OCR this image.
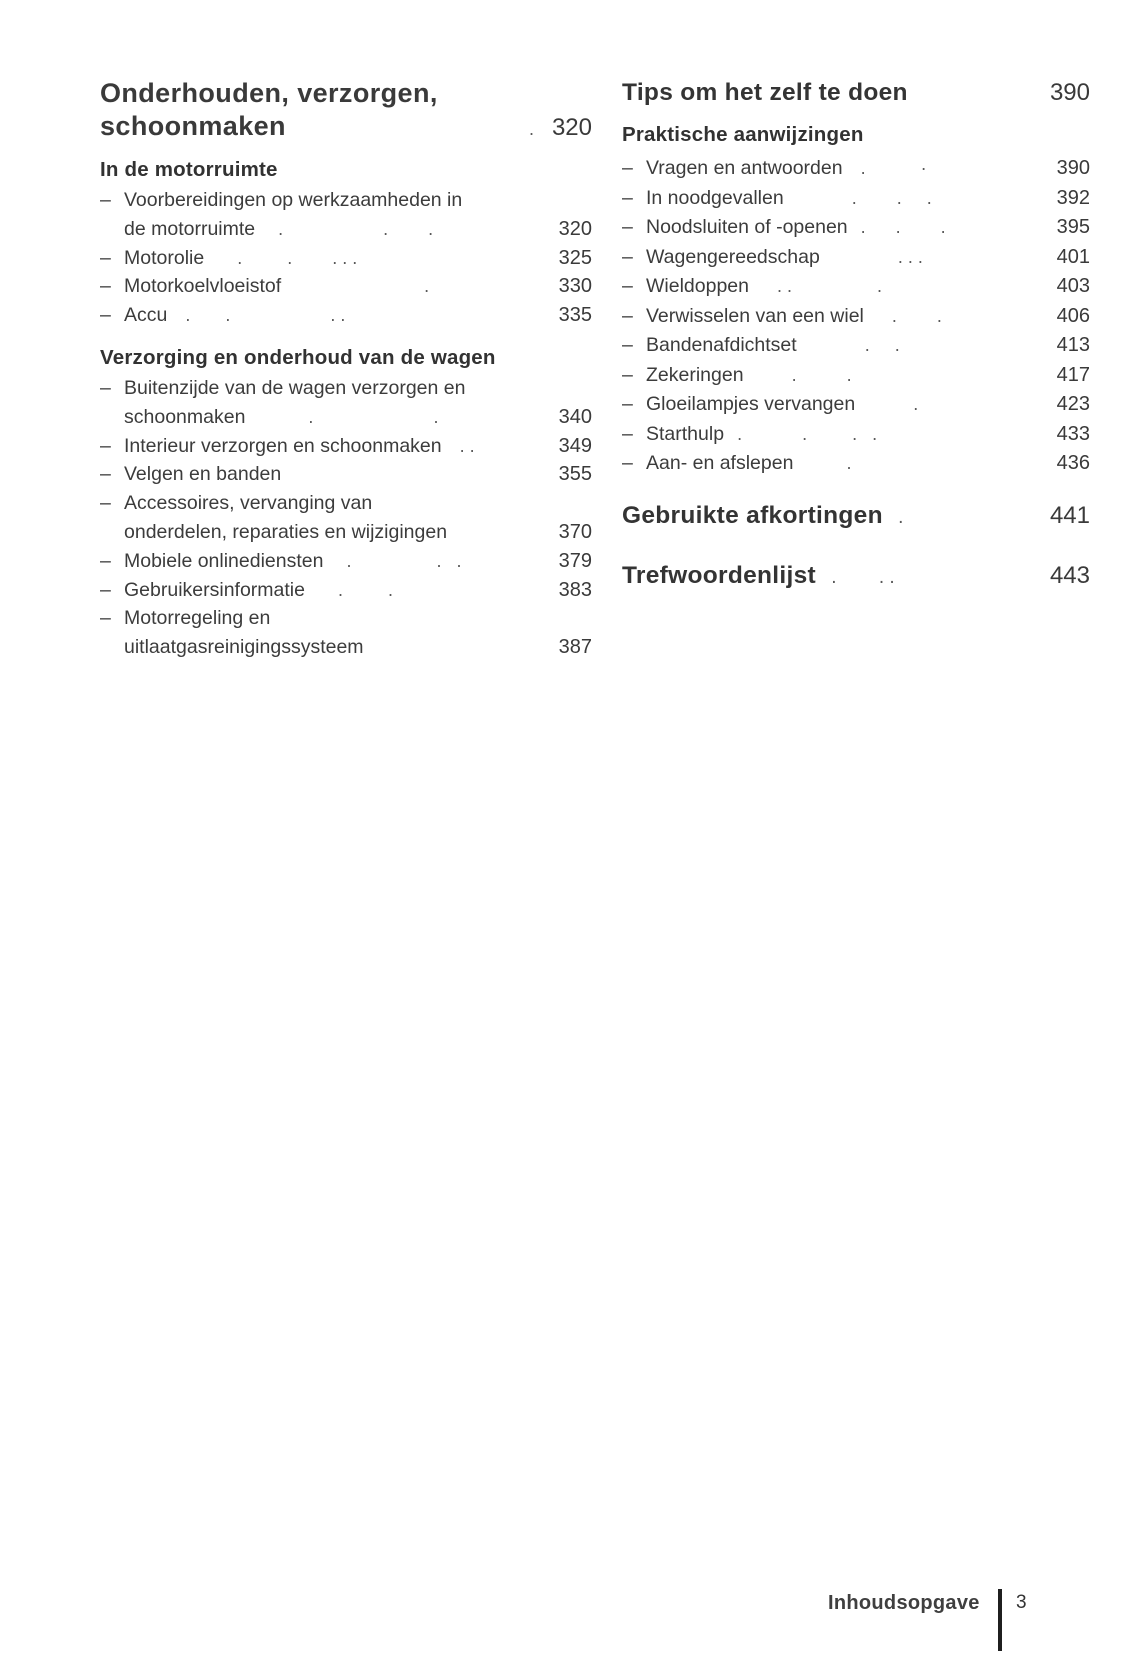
Onderhouden, verzorgen,
schoonmaken	. 320
In de motorruimte
– Voorbereidingen op werkzaamheden in
de motorruimte .                    .        .	320
– Motorolie .         .        . . .	325
– Motorkoelvloeistof .	330
– Accu .       .                    . .	335
Verzorging en onderhoud van de wagen
– Buitenzijde van de wagen verzorgen en
schoonmaken .                        .	340
– Interieur verzorgen en schoonmaken . .	349
– Velgen en banden	355
– Accessoires, vervanging van
onderdelen, reparaties en wijzigingen	370
– Mobiele onlinediensten .                 .   .	379
– Gebruikersinformatie .         .	383
– Motorregeling en
uitlaatgasreinigingssysteem	387
Tips om het zelf te doen	390
Praktische aanwijzingen
– Vragen en antwoorden .           ·	390
– In noodgevallen .        .     .	392
– Noodsluiten of -openen .      .        .	395
– Wagengereedschap . . .	401
– Wieldoppen . .                 .	403
– Verwisselen van een wiel .        .	406
– Bandenafdichtset .     .	413
– Zekeringen .          .	417
– Gloeilampjes vervangen .	423
– Starthulp .            .         .   .	433
– Aan- en afslepen .	436
Gebruikte afkortingen .	441
Trefwoordenlijst .        . .	443
Inhoudsopgave 3
